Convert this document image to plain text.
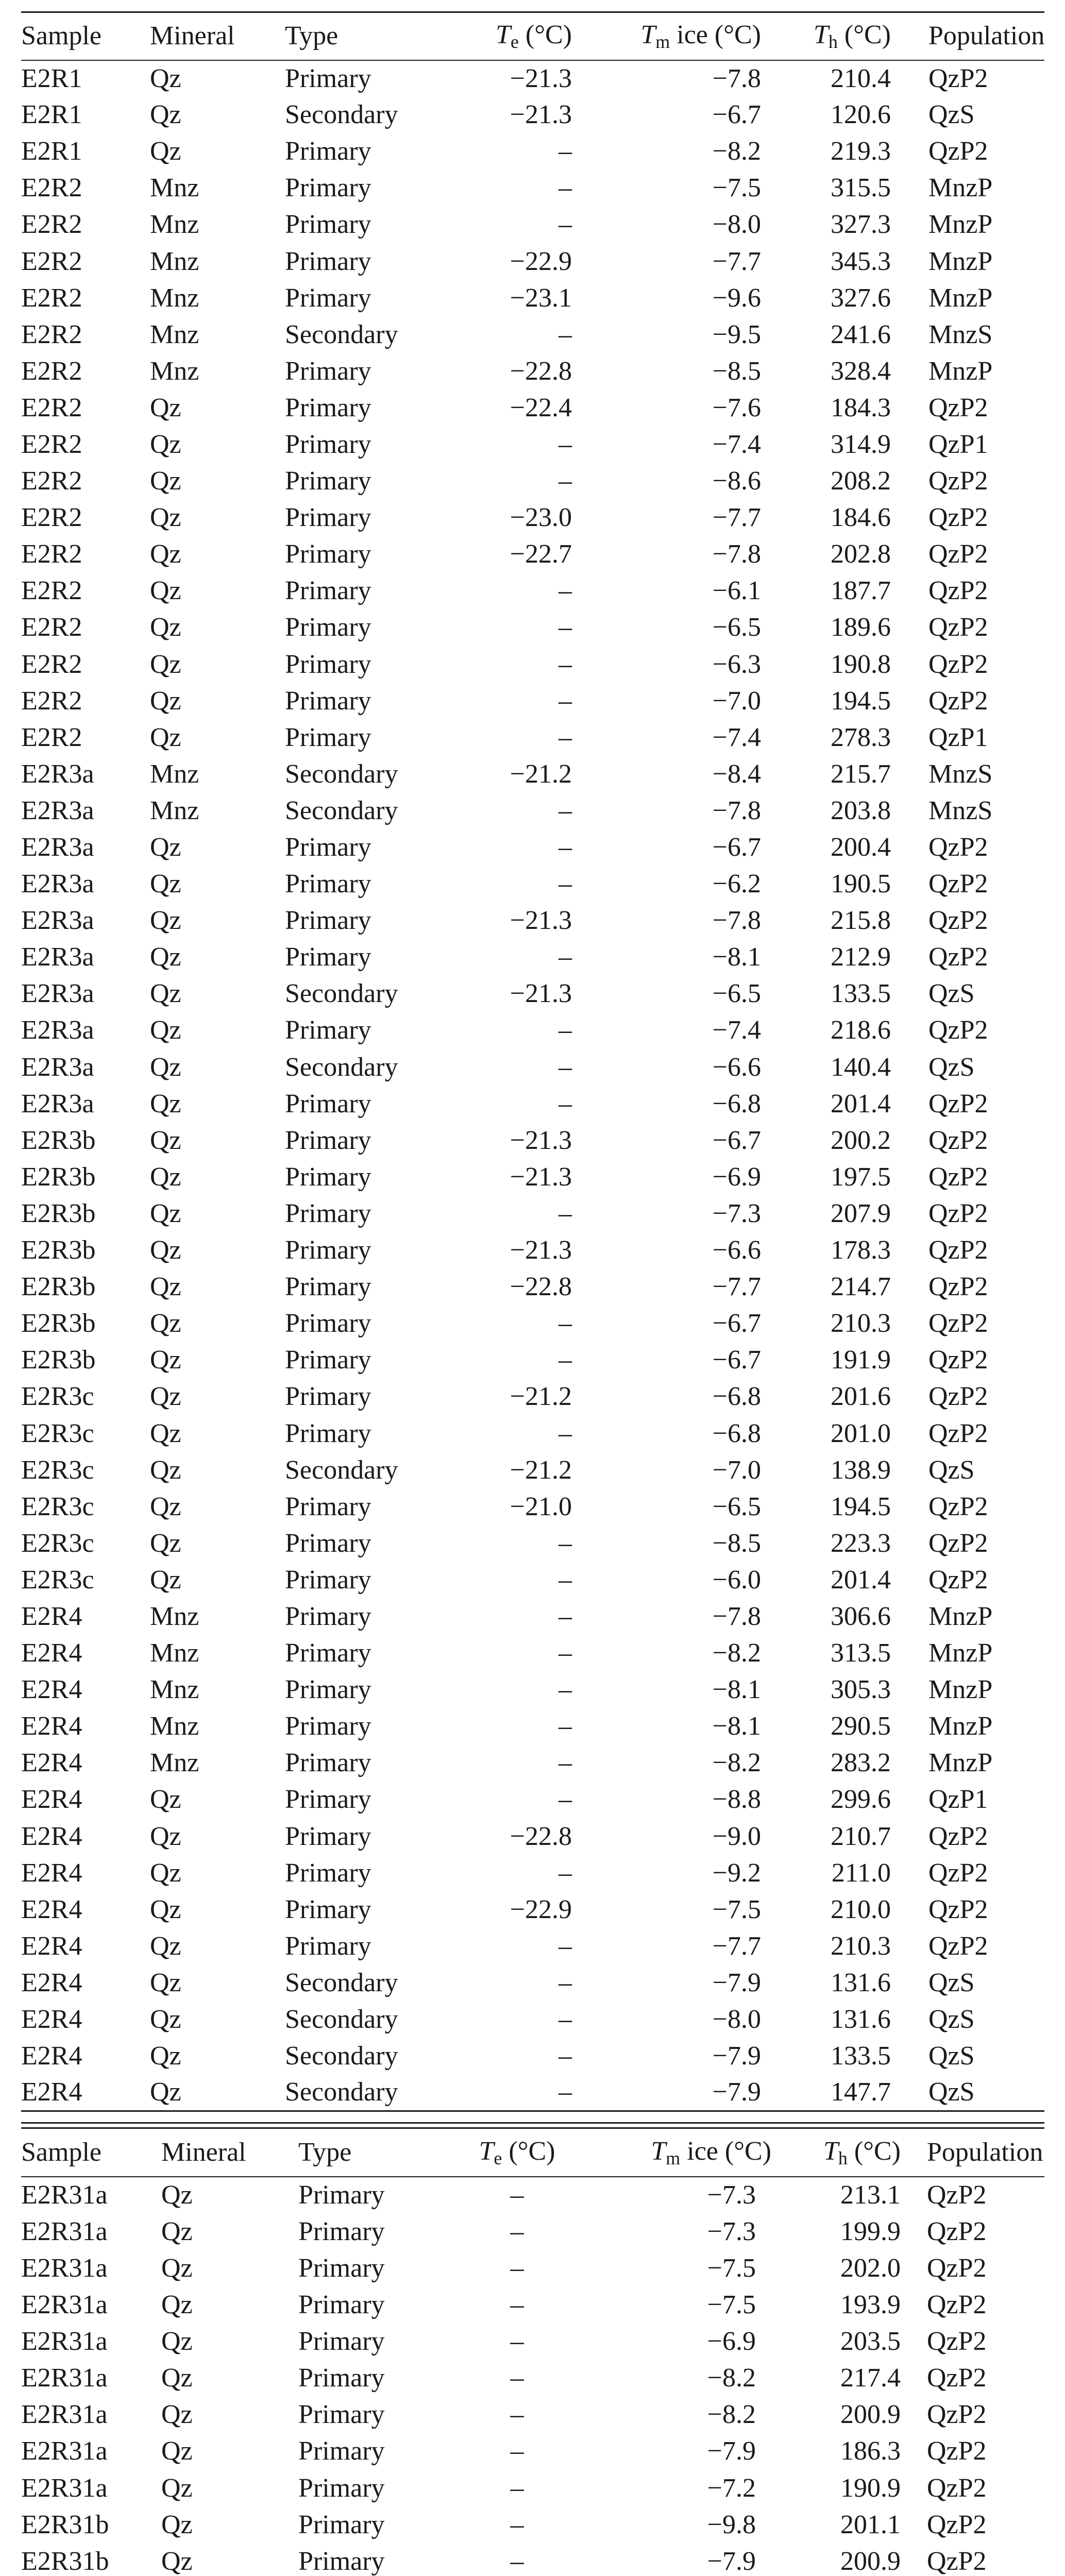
Sample	Mineral	Type	$T_e$ (°C)	$T_m$ ice (°C)	$T_h$ (°C)	Population
E2R1	Qz	Primary	−21.3	−7.8	210.4	QzP2
E2R1	Qz	Secondary	−21.3	−6.7	120.6	QzS
E2R1	Qz	Primary	–	−8.2	219.3	QzP2
E2R2	Mnz	Primary	–	−7.5	315.5	MnzP
E2R2	Mnz	Primary	–	−8.0	327.3	MnzP
E2R2	Mnz	Primary	−22.9	−7.7	345.3	MnzP
E2R2	Mnz	Primary	−23.1	−9.6	327.6	MnzP
E2R2	Mnz	Secondary	–	−9.5	241.6	MnzS
E2R2	Mnz	Primary	−22.8	−8.5	328.4	MnzP
E2R2	Qz	Primary	−22.4	−7.6	184.3	QzP2
E2R2	Qz	Primary	–	−7.4	314.9	QzP1
E2R2	Qz	Primary	–	−8.6	208.2	QzP2
E2R2	Qz	Primary	−23.0	−7.7	184.6	QzP2
E2R2	Qz	Primary	−22.7	−7.8	202.8	QzP2
E2R2	Qz	Primary	–	−6.1	187.7	QzP2
E2R2	Qz	Primary	–	−6.5	189.6	QzP2
E2R2	Qz	Primary	–	−6.3	190.8	QzP2
E2R2	Qz	Primary	–	−7.0	194.5	QzP2
E2R2	Qz	Primary	–	−7.4	278.3	QzP1
E2R3a	Mnz	Secondary	−21.2	−8.4	215.7	MnzS
E2R3a	Mnz	Secondary	–	−7.8	203.8	MnzS
E2R3a	Qz	Primary	–	−6.7	200.4	QzP2
E2R3a	Qz	Primary	–	−6.2	190.5	QzP2
E2R3a	Qz	Primary	−21.3	−7.8	215.8	QzP2
E2R3a	Qz	Primary	–	−8.1	212.9	QzP2
E2R3a	Qz	Secondary	−21.3	−6.5	133.5	QzS
E2R3a	Qz	Primary	–	−7.4	218.6	QzP2
E2R3a	Qz	Secondary	–	−6.6	140.4	QzS
E2R3a	Qz	Primary	–	−6.8	201.4	QzP2
E2R3b	Qz	Primary	−21.3	−6.7	200.2	QzP2
E2R3b	Qz	Primary	−21.3	−6.9	197.5	QzP2
E2R3b	Qz	Primary	–	−7.3	207.9	QzP2
E2R3b	Qz	Primary	−21.3	−6.6	178.3	QzP2
E2R3b	Qz	Primary	−22.8	−7.7	214.7	QzP2
E2R3b	Qz	Primary	–	−6.7	210.3	QzP2
E2R3b	Qz	Primary	–	−6.7	191.9	QzP2
E2R3c	Qz	Primary	−21.2	−6.8	201.6	QzP2
E2R3c	Qz	Primary	–	−6.8	201.0	QzP2
E2R3c	Qz	Secondary	−21.2	−7.0	138.9	QzS
E2R3c	Qz	Primary	−21.0	−6.5	194.5	QzP2
E2R3c	Qz	Primary	–	−8.5	223.3	QzP2
E2R3c	Qz	Primary	–	−6.0	201.4	QzP2
E2R4	Mnz	Primary	–	−7.8	306.6	MnzP
E2R4	Mnz	Primary	–	−8.2	313.5	MnzP
E2R4	Mnz	Primary	–	−8.1	305.3	MnzP
E2R4	Mnz	Primary	–	−8.1	290.5	MnzP
E2R4	Mnz	Primary	–	−8.2	283.2	MnzP
E2R4	Qz	Primary	–	−8.8	299.6	QzP1
E2R4	Qz	Primary	−22.8	−9.0	210.7	QzP2
E2R4	Qz	Primary	–	−9.2	211.0	QzP2
E2R4	Qz	Primary	−22.9	−7.5	210.0	QzP2
E2R4	Qz	Primary	–	−7.7	210.3	QzP2
E2R4	Qz	Secondary	–	−7.9	131.6	QzS
E2R4	Qz	Secondary	–	−8.0	131.6	QzS
E2R4	Qz	Secondary	–	−7.9	133.5	QzS
E2R4	Qz	Secondary	–	−7.9	147.7	QzS
Sample	Mineral	Type	$T_e$ (°C)	$T_m$ ice (°C)	$T_h$ (°C)	Population
E2R31a	Qz	Primary	–	−7.3	213.1	QzP2
E2R31a	Qz	Primary	–	−7.3	199.9	QzP2
E2R31a	Qz	Primary	–	−7.5	202.0	QzP2
E2R31a	Qz	Primary	–	−7.5	193.9	QzP2
E2R31a	Qz	Primary	–	−6.9	203.5	QzP2
E2R31a	Qz	Primary	–	−8.2	217.4	QzP2
E2R31a	Qz	Primary	–	−8.2	200.9	QzP2
E2R31a	Qz	Primary	–	−7.9	186.3	QzP2
E2R31a	Qz	Primary	–	−7.2	190.9	QzP2
E2R31b	Qz	Primary	–	−9.8	201.1	QzP2
E2R31b	Qz	Primary	–	−7.9	200.9	QzP2
